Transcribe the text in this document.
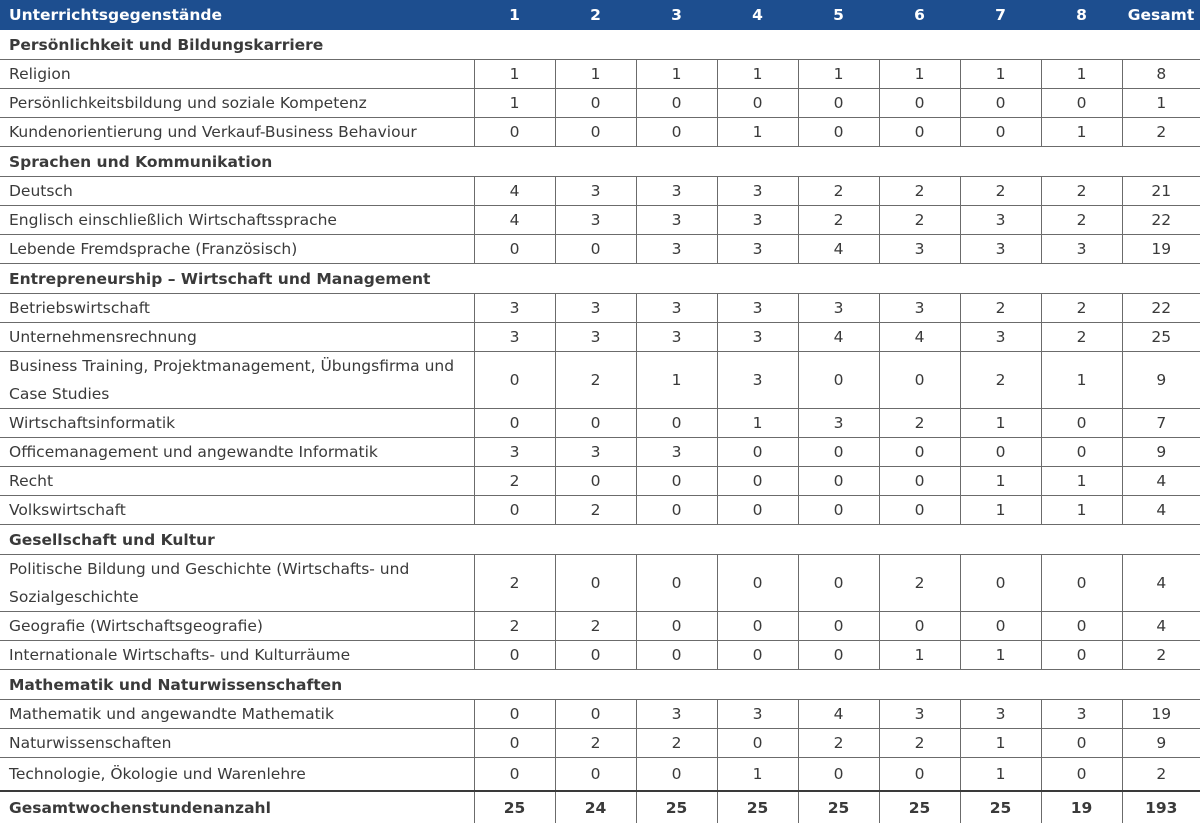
Unterrichtsgegenstände	1	2	3	4	5	6	7	8	Gesamt
Persönlichkeit und Bildungskarriere									
Religion	1	1	1	1	1	1	1	1	8
Persönlichkeitsbildung und soziale Kompetenz	1	0	0	0	0	0	0	0	1
Kundenorientierung und Verkauf-Business Behaviour	0	0	0	1	0	0	0	1	2
Sprachen und Kommunikation									
Deutsch	4	3	3	3	2	2	2	2	21
Englisch einschließlich Wirtschaftssprache	4	3	3	3	2	2	3	2	22
Lebende Fremdsprache (Französisch)	0	0	3	3	4	3	3	3	19
Entrepreneurship – Wirtschaft und Management									
Betriebswirtschaft	3	3	3	3	3	3	2	2	22
Unternehmensrechnung	3	3	3	3	4	4	3	2	25
Business Training, Projektmanagement, Übungsfirma und Case Studies	0	2	1	3	0	0	2	1	9
Wirtschaftsinformatik	0	0	0	1	3	2	1	0	7
Officemanagement und angewandte Informatik	3	3	3	0	0	0	0	0	9
Recht	2	0	0	0	0	0	1	1	4
Volkswirtschaft	0	2	0	0	0	0	1	1	4
Gesellschaft und Kultur									
Politische Bildung und Geschichte (Wirtschafts- und Sozialgeschichte	2	0	0	0	0	2	0	0	4
Geografie (Wirtschaftsgeografie)	2	2	0	0	0	0	0	0	4
Internationale Wirtschafts- und Kulturräume	0	0	0	0	0	1	1	0	2
Mathematik und Naturwissenschaften									
Mathematik und angewandte Mathematik	0	0	3	3	4	3	3	3	19
Naturwissenschaften	0	2	2	0	2	2	1	0	9
Technologie, Ökologie und Warenlehre	0	0	0	1	0	0	1	0	2
Gesamtwochenstundenanzahl	25	24	25	25	25	25	25	19	193
